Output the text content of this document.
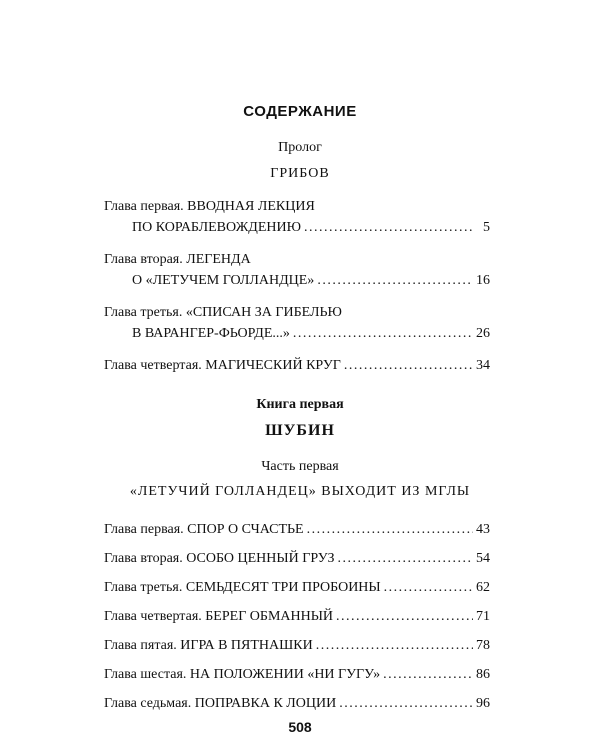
СОДЕРЖАНИЕ
Пролог
ГРИБОВ
Глава первая. ВВОДНАЯ ЛЕКЦИЯ
ПО КОРАБЛЕВОЖДЕНИЮ . . .	5
Глава вторая. ЛЕГЕНДА
О «ЛЕТУЧЕМ ГОЛЛАНДЦЕ» . . .	16
Глава третья. «СПИСАН ЗА ГИБЕЛЬЮ
В ВАРАНГЕР-ФЬОРДЕ...» . . .	26
Глава четвертая. МАГИЧЕСКИЙ КРУГ . . .	34
Книга первая
ШУБИН
Часть первая
«ЛЕТУЧИЙ ГОЛЛАНДЕЦ» ВЫХОДИТ ИЗ МГЛЫ
Глава первая. СПОР О СЧАСТЬЕ . . .	43
Глава вторая. ОСОБО ЦЕННЫЙ ГРУЗ . . .	54
Глава третья. СЕМЬДЕСЯТ ТРИ ПРОБОИНЫ . . .	62
Глава четвертая. БЕРЕГ ОБМАННЫЙ . . .	71
Глава пятая. ИГРА В ПЯТНАШКИ . . .	78
Глава шестая. НА ПОЛОЖЕНИИ «НИ ГУГУ» . . .	86
Глава седьмая. ПОПРАВКА К ЛОЦИИ . . .	96
508
